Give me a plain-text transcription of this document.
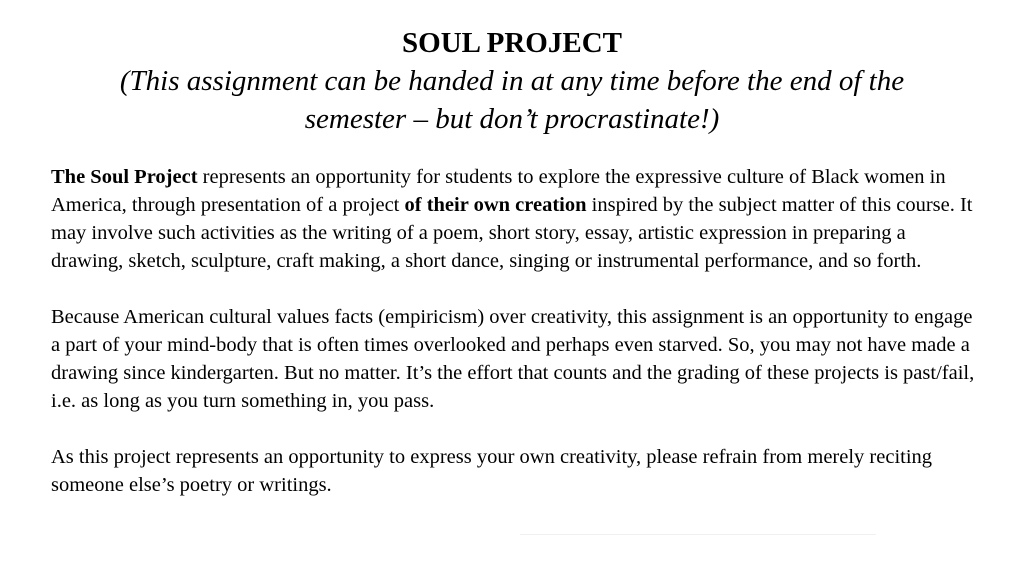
SOUL PROJECT

(This assignment can be handed in at any time before the end of the

semester – but don’t procrastinate!)

The Soul Project represents an opportunity for students to explore the expressive culture of Black women in America, through presentation of a project of their own creation inspired by the subject matter of this course. It may involve such activities as the writing of a poem, short story, essay, artistic expression in preparing a drawing, sketch, sculpture, craft making, a short dance, singing or instrumental performance, and so forth.

Because American cultural values facts (empiricism) over creativity, this assignment is an opportunity to engage a part of your mind-body that is often times overlooked and perhaps even starved. So, you may not have made a drawing since kindergarten. But no matter. It’s the effort that counts and the grading of these projects is past/fail, i.e. as long as you turn something in, you pass.

As this project represents an opportunity to express your own creativity, please refrain from merely reciting someone else’s poetry or writings.
